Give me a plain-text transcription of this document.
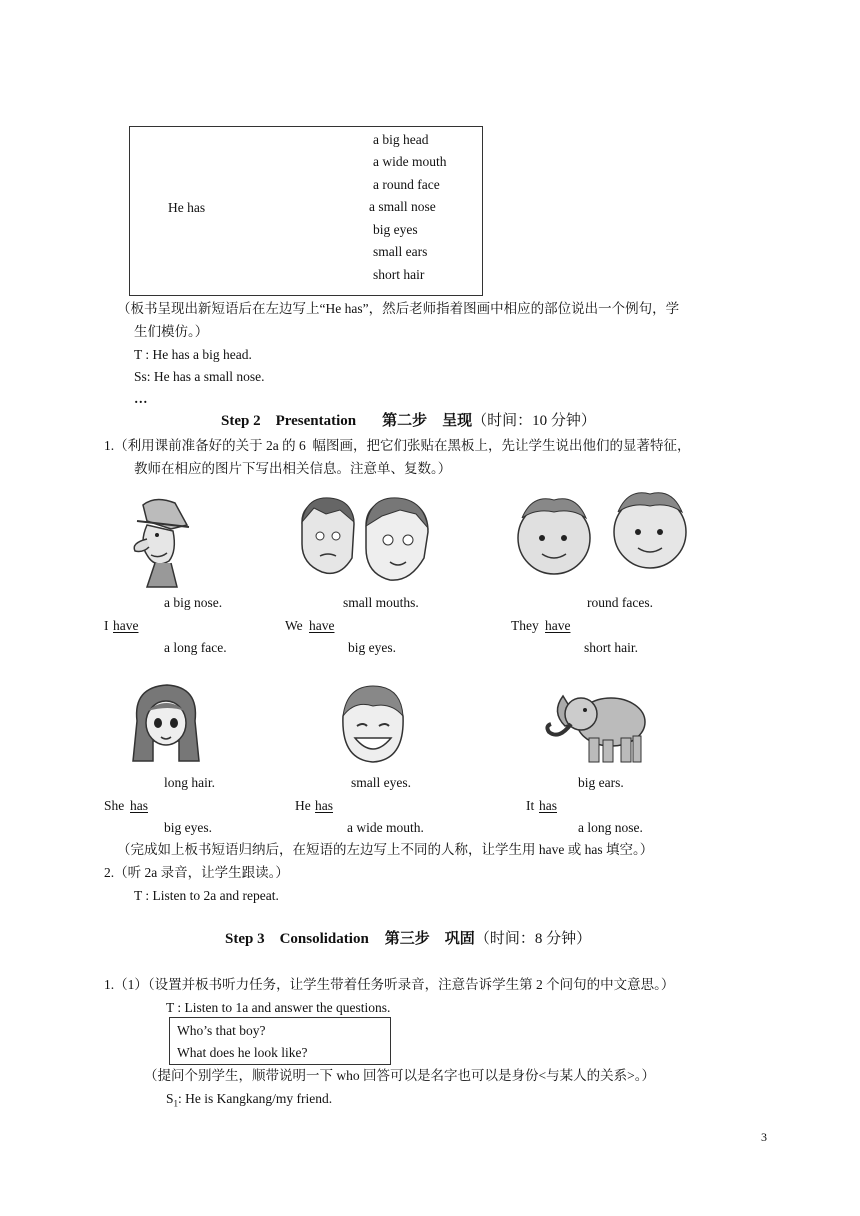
He has
a big head
a wide mouth
a round face
a small nose
big eyes
small ears
short hair
（板书呈现出新短语后在左边写上“He has”，然后老师指着图画中相应的部位说出一个例句，学
生们模仿。）
T : He has a big head.
Ss: He has a small nose.
…
Step 2    Presentation 第二步    呈现（时间：10 分钟）
1.（利用课前准备好的关于 2a 的 6  幅图画，把它们张贴在黑板上，先让学生说出他们的显著特征，
教师在相应的图片下写出相关信息。注意单、复数。）
a big nose.	small mouths.	round faces.
I have	We have	They have
a long face.	big eyes.	short hair.
long hair.	small eyes.	big ears.
She has	He has	It has
big eyes.	a wide mouth.	a long nose.
（完成如上板书短语归纳后，在短语的左边写上不同的人称，让学生用 have 或 has 填空。）
2.（听 2a 录音，让学生跟读。）
T : Listen to 2a and repeat.
Step 3    Consolidation 第三步    巩固（时间：8 分钟）
1.（1）（设置并板书听力任务，让学生带着任务听录音，注意告诉学生第 2 个问句的中文意思。）
T : Listen to 1a and answer the questions.
Who’s that boy?
What does he look like?
（提问个别学生，顺带说明一下 who 回答可以是名字也可以是身份<与某人的关系>。）
$S_1$: He is Kangkang/my friend.
3
